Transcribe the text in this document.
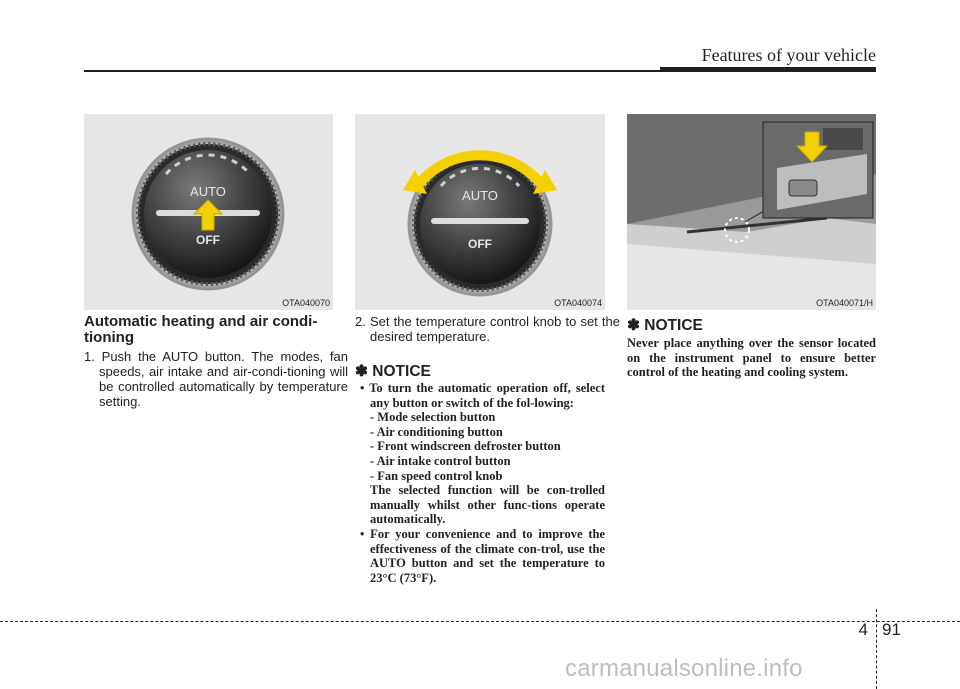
Features of your vehicle
AUTO
OFF
OTA040070
AUTO
OFF
OTA040074	OTA040071/H
Automatic heating and air condi-tioning
1. Push the AUTO button. The modes, fan speeds, air intake and air-condi-tioning will be controlled automatically by temperature setting.
2. Set the temperature control knob to set the desired temperature.
✽ NOTICE

• To turn the automatic operation off, select any button or switch of the fol-lowing:

- Mode selection button
- Air conditioning button
- Front windscreen defroster button
- Air intake control button
- Fan speed control knob
The selected function will be con-trolled manually whilst other func-tions operate automatically.

• For your convenience and to improve the effectiveness of the climate con-trol, use the AUTO button and set the temperature to 23°C (73°F).

✽ NOTICE
Never place anything over the sensor located on the instrument panel to ensure better control of the heating and cooling system.
4 91
carmanualsonline.info
